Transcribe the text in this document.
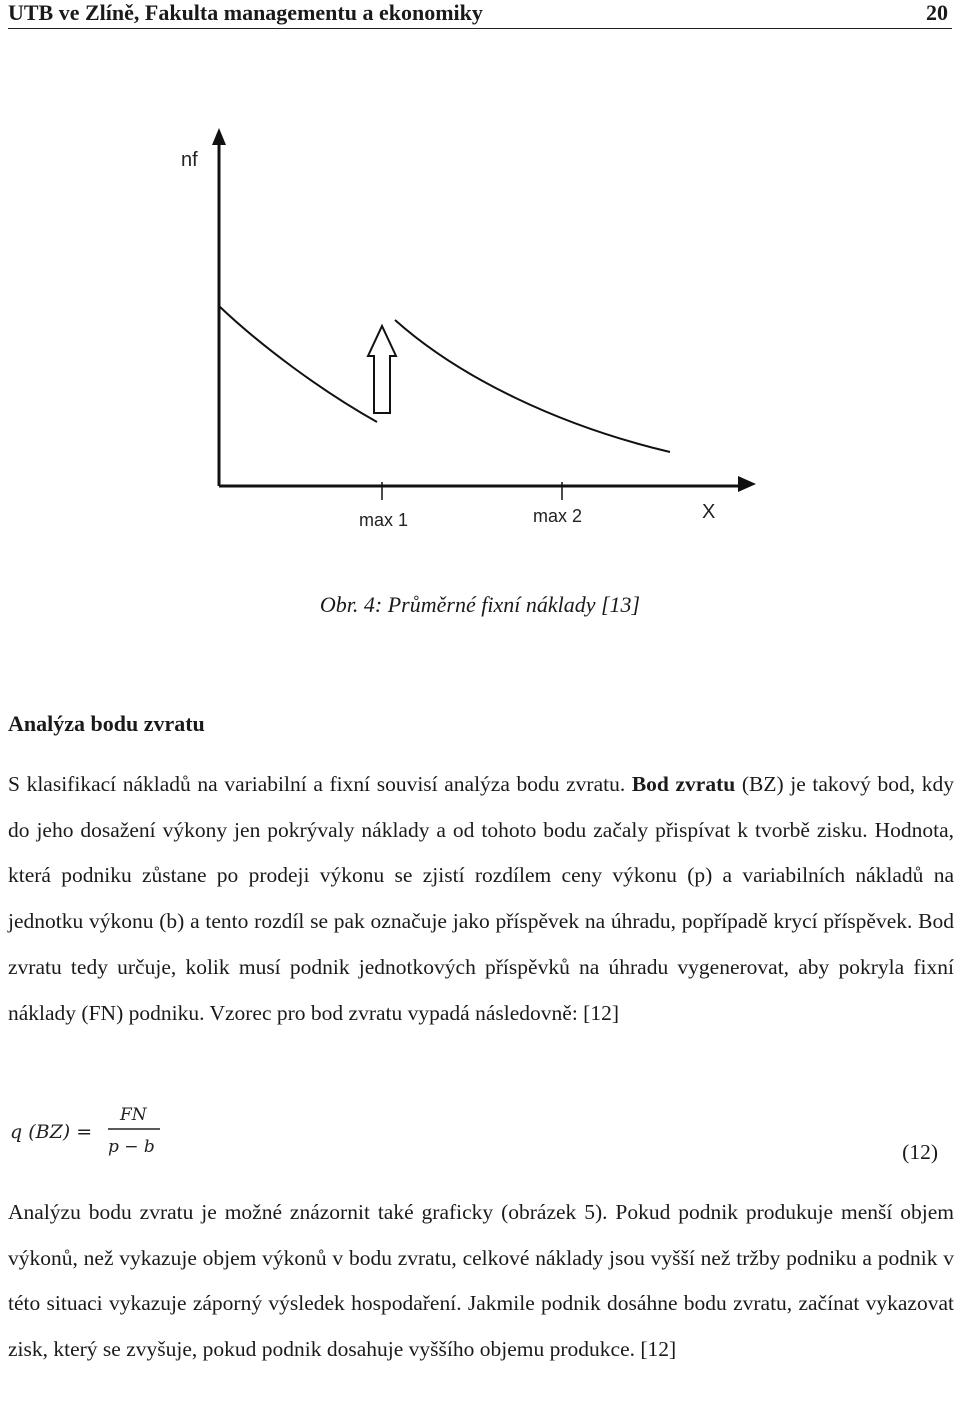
UTB ve Zlíně, Fakulta managementu a ekonomiky	20
nf
X
max 1	max 2
Obr. 4: Průměrné fixní náklady [13]
Analýza bodu zvratu
S klasifikací nákladů na variabilní a fixní souvisí analýza bodu zvratu. Bod zvratu (BZ) je takový bod, kdy do jeho dosažení výkony jen pokrývaly náklady a od tohoto bodu začaly přispívat k tvorbě zisku. Hodnota, která podniku zůstane po prodeji výkonu se zjistí rozdílem ceny výkonu (p) a variabilních nákladů na jednotku výkonu (b) a tento rozdíl se pak označuje jako příspěvek na úhradu, popřípadě krycí příspěvek. Bod zvratu tedy určuje, kolik musí podnik jednotkových příspěvků na úhradu vygenerovat, aby pokryla fixní náklady (FN) podniku. Vzorec pro bod zvratu vypadá následovně: [12]
q (BZ) =
FN
p − b	(12)
Analýzu bodu zvratu je možné znázornit také graficky (obrázek 5). Pokud podnik produkuje menší objem výkonů, než vykazuje objem výkonů v bodu zvratu, celkové náklady jsou vyšší než tržby podniku a podnik v této situaci vykazuje záporný výsledek hospodaření. Jakmile podnik dosáhne bodu zvratu, začínat vykazovat zisk, který se zvyšuje, pokud podnik dosahuje vyššího objemu produkce. [12]
